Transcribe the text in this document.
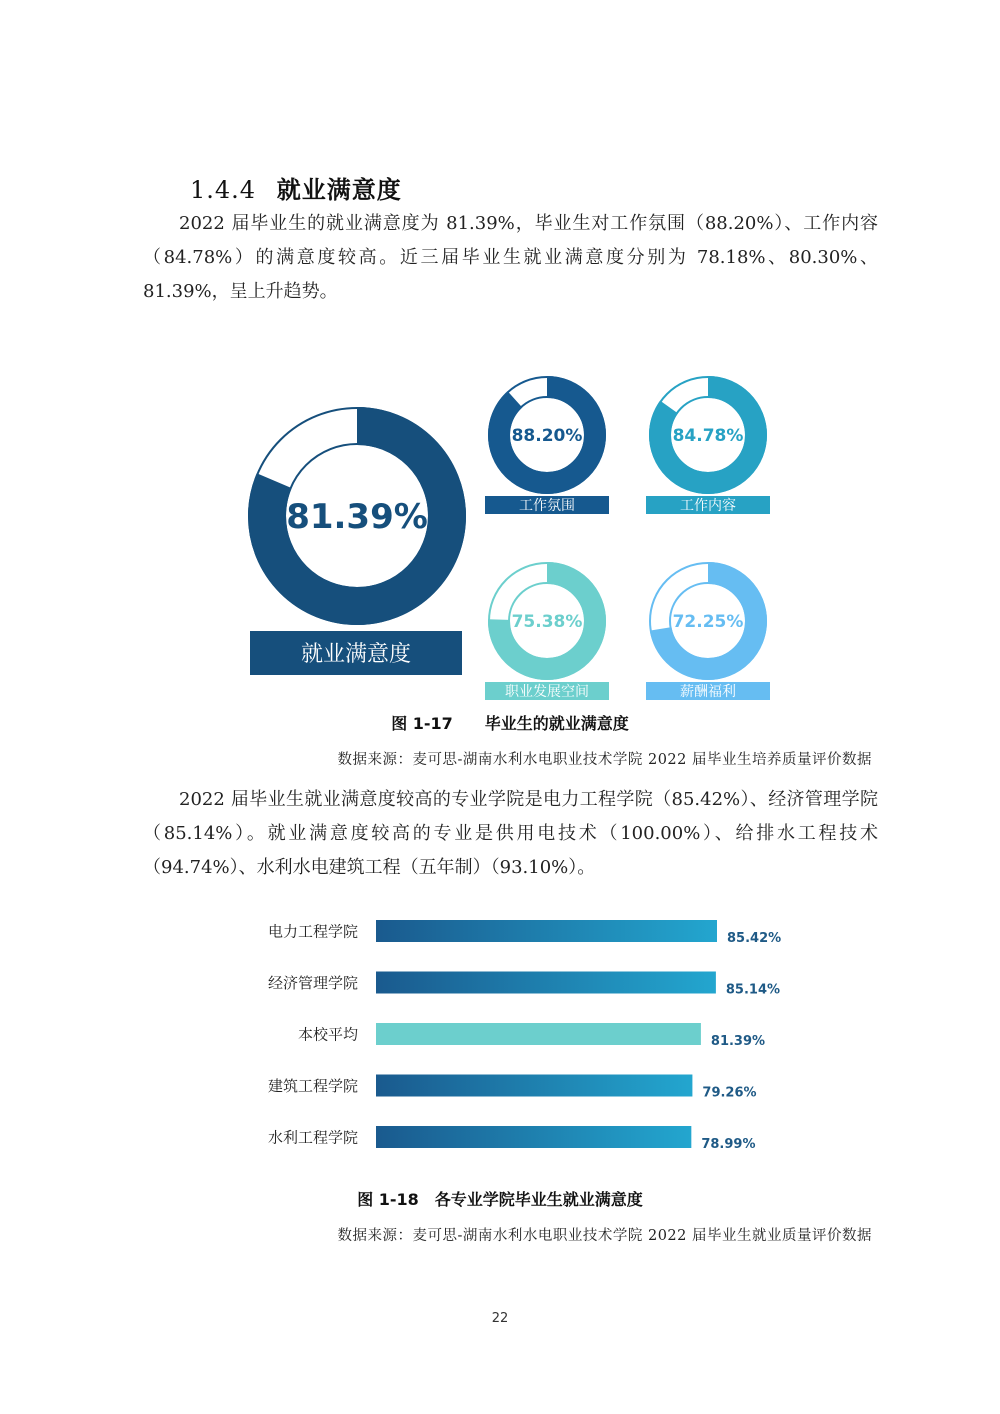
1.4.4 就业满意度
2022 届毕业生的就业满意度为 81.39%，毕业生对工作氛围（88.20%）、工作内容（84.78%）的满意度较高。近三届毕业生就业满意度分别为 78.18%、80.30%、81.39%，呈上升趋势。
81.39%
就业满意度
88.20%
工作氛围
84.78%
工作内容
75.38%
职业发展空间
72.25%
薪酬福利
图 1-17　　毕业生的就业满意度
数据来源：麦可思-湖南水利水电职业技术学院 2022 届毕业生培养质量评价数据
2022 届毕业生就业满意度较高的专业学院是电力工程学院（85.42%）、经济管理学院（85.14%）。就业满意度较高的专业是供用电技术（100.00%）、给排水工程技术（94.74%）、水利水电建筑工程（五年制）（93.10%）。
电力工程学院	85.42%
经济管理学院	85.14%
本校平均	81.39%
建筑工程学院	79.26%
水利工程学院	78.99%
图 1-18　各专业学院毕业生就业满意度
数据来源：麦可思-湖南水利水电职业技术学院 2022 届毕业生就业质量评价数据
22
